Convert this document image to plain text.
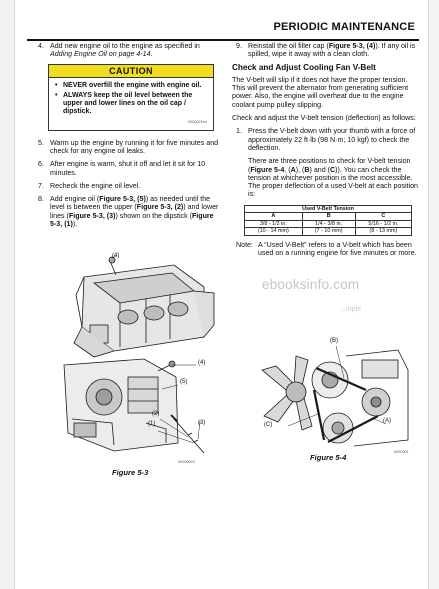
PERIODIC MAINTENANCE
4. Add new engine oil to the engine as specified in Adding Engine Oil on page 4-14.
CAUTION
• NEVER overfill the engine with engine oil.
• ALWAYS keep the oil level between the upper and lower lines on the oil cap / dipstick.
0000021en
5. Warm up the engine by running it for five minutes and check for any engine oil leaks.
6. After engine is warm, shut it off and let it sit for 10 minutes.
7. Recheck the engine oil level.
8. Add engine oil (Figure 5-3, (5)) as needed until the level is between the upper (Figure 5-3, (2)) and lower lines (Figure 5-3, (3)) shown on the dipstick (Figure 5-3, (1)).
(4)
(4)
(5)
(2)
(1)	(3)
0000002C
Figure 5-3
9. Reinstall the oil filler cap (Figure 5-3, (4)). If any oil is spilled, wipe it away with a clean cloth.
Check and Adjust Cooling Fan V-Belt
The V-belt will slip if it does not have the proper tension. This will prevent the alternator from generating sufficient power. Also, the engine will overheat due to the engine coolant pump pulley slipping.
Check and adjust the V-belt tension (deflection) as follows:
1. Press the V-belt down with your thumb with a force of approximately 22 ft·lb (98 N·m; 10 kgf) to check the deflection.
There are three positions to check for V-belt tension (Figure 5-4, (A), (B) and (C)). You can check the tension at whichever position is the most accessible. The proper deflection of a used V-belt at each position is:
Used V-Belt Tension		
A	B	C
3/8 - 1/2 in.	1/4 - 3/8 in.	5/16 - 1/2 in.
(10 - 14 mm)	(7 - 10 mm)	(8 - 13 mm)
Note: A “Used V-Belt” refers to a V-belt which has been used on a running engine for five minutes or more.
ebooksinfo.com
...mple
(B)
(A)
(C)
0000001
Figure 5-4
